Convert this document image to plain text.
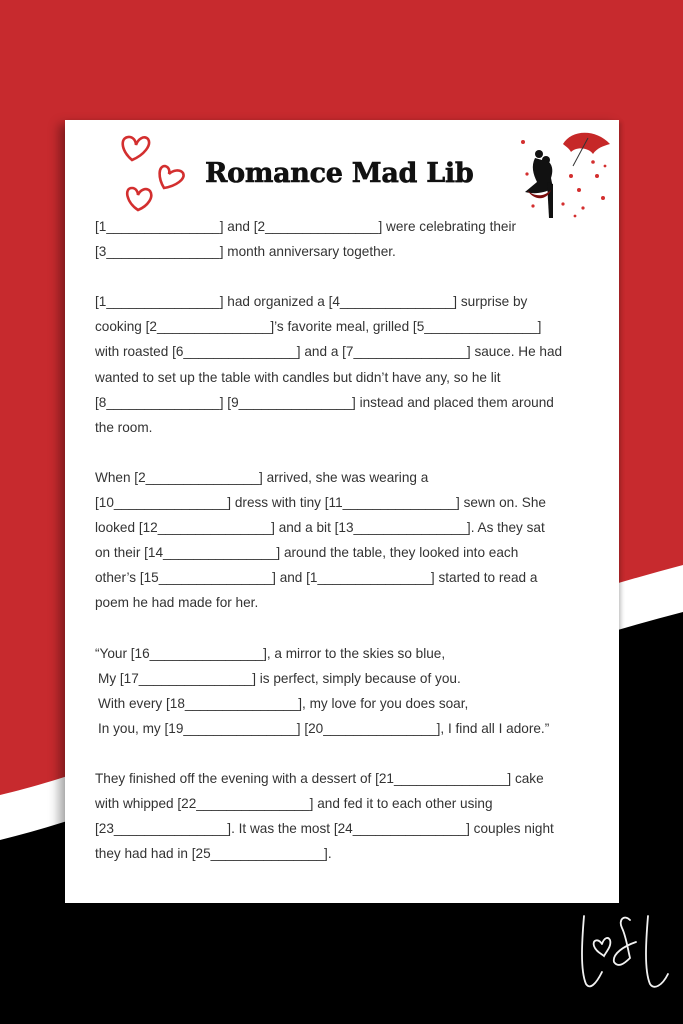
Romance Mad Lib
[1_______________] and [2_______________] were celebrating their
[3_______________] month anniversary together.
[1_______________] had organized a [4_______________] surprise by
cooking [2_______________]’s favorite meal, grilled [5_______________]
with roasted [6_______________] and a [7_______________] sauce. He had
wanted to set up the table with candles but didn’t have any, so he lit
[8_______________] [9_______________] instead and placed them around
the room.
When [2_______________] arrived, she was wearing a
[10_______________] dress with tiny [11_______________] sewn on. She
looked [12_______________] and a bit [13_______________]. As they sat
on their [14_______________] around the table, they looked into each
other’s [15_______________] and [1_______________] started to read a
poem he had made for her.
“Your [16_______________], a mirror to the skies so blue,
My [17_______________] is perfect, simply because of you.
With every [18_______________], my love for you does soar,
In you, my [19_______________] [20_______________], I find all I adore.”
They finished off the evening with a dessert of [21_______________] cake
with whipped [22_______________] and fed it to each other using
[23_______________]. It was the most [24_______________] couples night
they had had in [25_______________].
